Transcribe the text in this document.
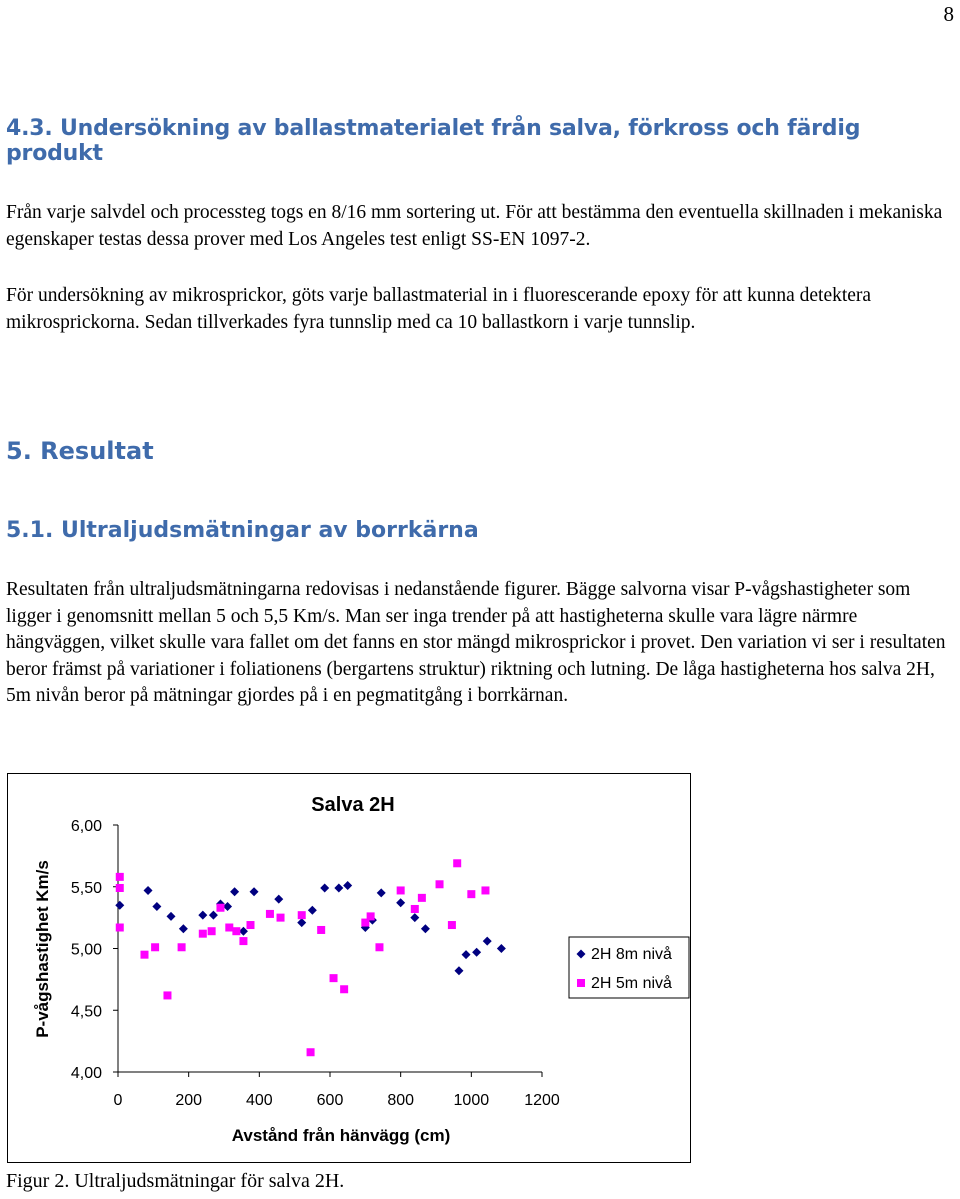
8
4.3. Undersökning av ballastmaterialet från salva, förkross och färdig produkt

Från varje salvdel och processteg togs en 8/16 mm sortering ut. För att bestämma den eventuella skillnaden i mekaniska egenskaper testas dessa prover med Los Angeles test enligt SS-EN 1097-2.

För undersökning av mikrosprickor, göts varje ballastmaterial in i fluorescerande epoxy för att kunna detektera mikrosprickorna. Sedan tillverkades fyra tunnslip med ca 10 ballastkorn i varje tunnslip.

5. Resultat
5.1. Ultraljudsmätningar av borrkärna

Resultaten från ultraljudsmätningarna redovisas i nedanstående figurer. Bägge salvorna visar P-vågshastigheter som ligger i genomsnitt mellan 5 och 5,5 Km/s. Man ser inga trender på att hastigheterna skulle vara lägre närmre hängväggen, vilket skulle vara fallet om det fanns en stor mängd mikrosprickor i provet. Den variation vi ser i resultaten beror främst på variationer i foliationens (bergartens struktur) riktning och lutning. De låga hastigheterna hos salva 2H, 5m nivån beror på mätningar gjordes på i en pegmatitgång i borrkärnan.

Salva 2H
P-vågshastighet Km/s
Avstånd från hänvägg (cm)
4,00
4,50
5,00
5,50
6,00
0	200	400	600	800 1000 1200
2H 8m nivå
2H 5m nivå
Figur 2. Ultraljudsmätningar för salva 2H.
